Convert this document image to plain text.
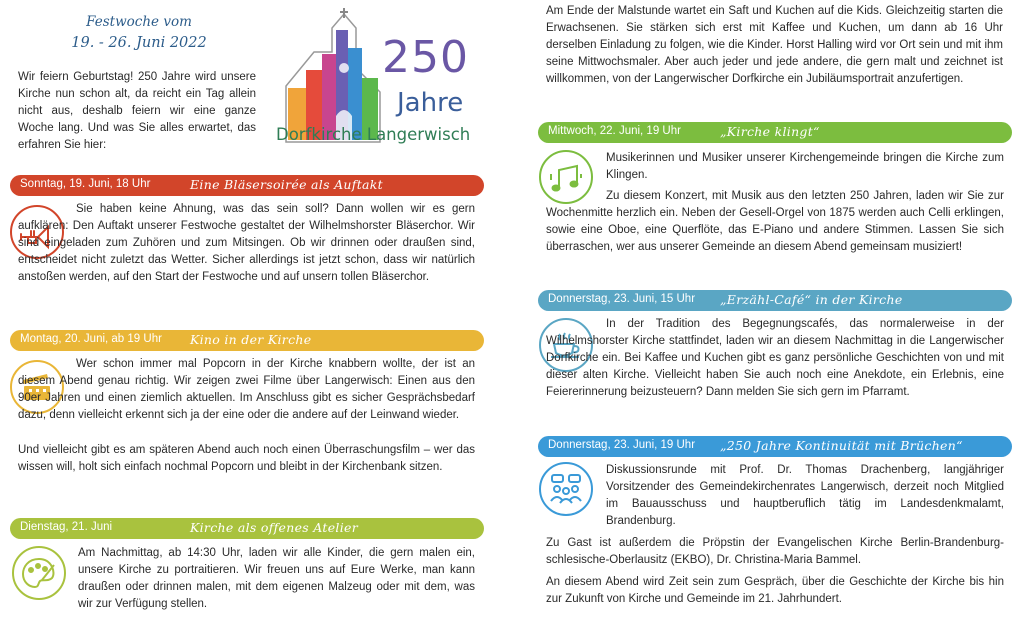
Festwoche vom
19. - 26. Juni 2022

Wir feiern Geburtstag! 250 Jahre wird unsere Kirche nun schon alt, da reicht ein Tag allein nicht aus, deshalb feiern wir eine ganze Woche lang. Und was Sie alles erwartet, das erfahren Sie hier:

250
Jahre
Dorfkirche Langerwisch
Sonntag, 19. Juni, 18 Uhr	Eine Bläsersoirée als Auftakt

Sie haben keine Ahnung, was das sein soll? Dann wollen wir es gern aufklären: Den Auftakt unserer Festwoche gestaltet der Wilhelmshorster Bläserchor. Wir sind eingeladen zum Zuhören und zum Mitsingen. Ob wir drinnen oder draußen sind, entscheidet nicht zuletzt das Wetter. Sicher allerdings ist jetzt schon, dass wir natürlich anstoßen werden, auf den Start der Festwoche und auf unsern tollen Bläserchor.

Montag, 20. Juni, ab 19 Uhr Kino in der Kirche

Wer schon immer mal Popcorn in der Kirche knabbern wollte, der ist an diesem Abend genau richtig. Wir zeigen zwei Filme über Langerwisch: Einen aus den 90er Jahren und einen ziemlich aktuellen. Im Anschluss gibt es sicher Gesprächsbedarf dazu, denn vielleicht erkennt sich ja der eine oder die andere auf der Leinwand wieder.

Und vielleicht gibt es am späteren Abend auch noch einen Überraschungsfilm – wer das wissen will, holt sich einfach nochmal Popcorn und bleibt in der Kirchenbank sitzen.

Dienstag, 21. Juni	Kirche als offenes Atelier

Am Nachmittag, ab 14:30 Uhr, laden wir alle Kinder, die gern malen ein, unsere Kirche zu portraitieren. Wir freuen uns auf Eure Werke, man kann draußen oder drinnen malen, mit dem eigenen Malzeug oder mit dem, was wir zur Verfügung stellen.

Am Ende der Malstunde wartet ein Saft und Kuchen auf die Kids. Gleichzeitig starten die Erwachsenen. Sie stärken sich erst mit Kaffee und Kuchen, um dann ab 16 Uhr derselben Einladung zu folgen, wie die Kinder. Horst Halling wird vor Ort sein und mit ihm seine Mittwochsmaler. Aber auch jeder und jede andere, die gern malt und zeichnet ist willkommen, von der Langerwischer Dorfkirche ein Jubiläumsportrait anzufertigen.

Mittwoch, 22. Juni, 19 Uhr	„Kirche klingt“

Musikerinnen und Musiker unserer Kirchengemeinde bringen die Kirche zum Klingen.

Zu diesem Konzert, mit Musik aus den letzten 250 Jahren, laden wir Sie zur Wochenmitte herzlich ein. Neben der Gesell-Orgel von 1875 werden auch Celli erklingen, sowie eine Oboe, eine Querflöte, das E-Piano und andere Stimmen. Lassen Sie sich überraschen, wer aus unserer Gemeinde an diesem Abend gemeinsam musiziert!

Donnerstag, 23. Juni, 15 Uhr „Erzähl-Café“ in der Kirche

In der Tradition des Begegnungscafés, das normalerweise in der Wilhelmshorster Kirche stattfindet, laden wir an diesem Nachmittag in die Langerwischer Dorfkirche ein. Bei Kaffee und Kuchen gibt es ganz persönliche Geschichten von und mit dieser alten Kirche. Vielleicht haben Sie auch noch eine Anekdote, ein Erlebnis, eine Feiererinnerung beizusteuern? Dann melden Sie sich gern im Pfarramt.

Donnerstag, 23. Juni, 19 Uhr „250 Jahre Kontinuität mit Brüchen“

Diskussionsrunde mit Prof. Dr. Thomas Drachenberg, langjähriger Vorsitzender des Gemeindekirchenrates Langerwisch, derzeit noch Mitglied im Bauausschuss und hauptberuflich tätig im Landesdenkmalamt, Brandenburg.

Zu Gast ist außerdem die Pröpstin der Evangelischen Kirche Berlin-Brandenburg-schlesische-Oberlausitz (EKBO), Dr. Christina-Maria Bammel.

An diesem Abend wird Zeit sein zum Gespräch, über die Geschichte der Kirche bis hin zur Zukunft von Kirche und Gemeinde im 21. Jahrhundert.
